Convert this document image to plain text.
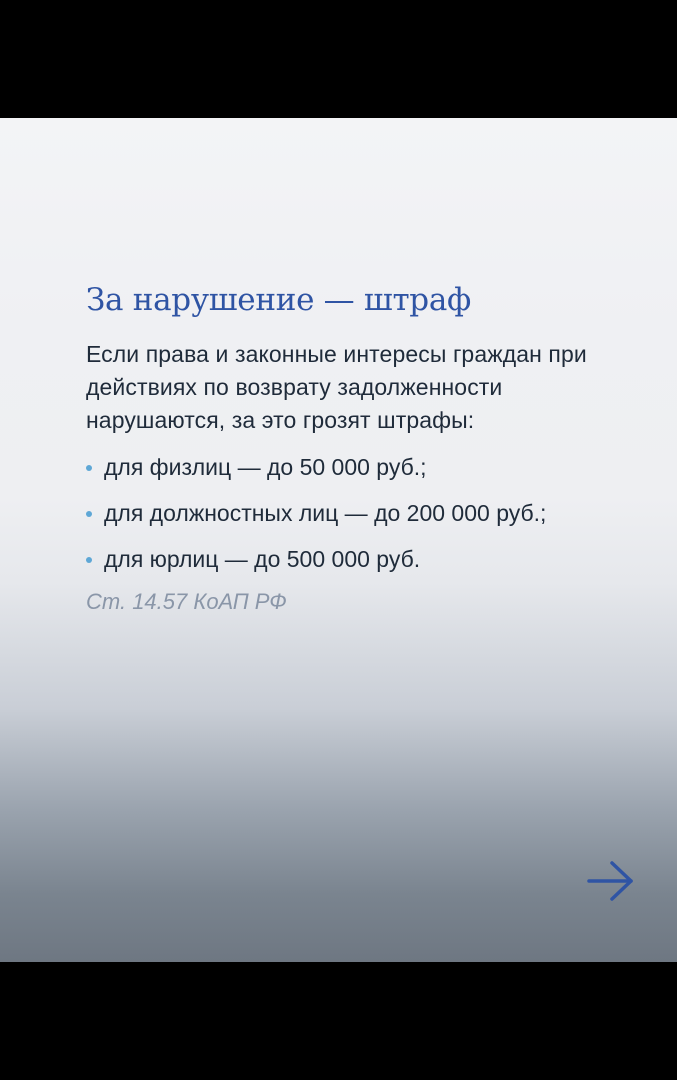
За нарушение — штраф
Если права и законные интересы граждан при действиях по возврату задолженности нарушаются, за это грозят штрафы:
для физлиц — до 50 000 руб.;
для должностных лиц — до 200 000 руб.;
для юрлиц — до 500 000 руб.
Ст. 14.57 КоАП РФ
